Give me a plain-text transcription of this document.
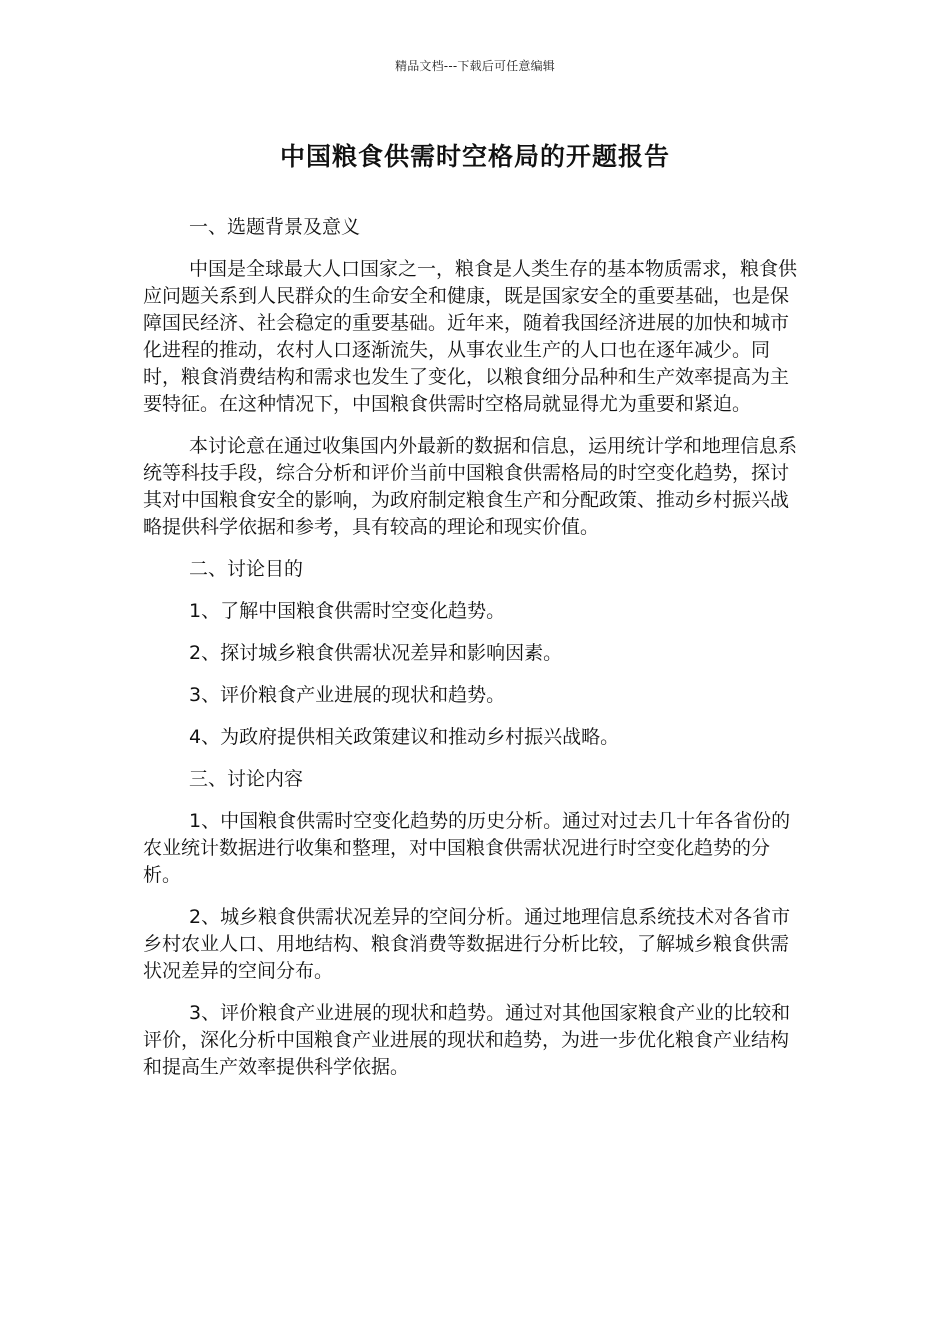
精品文档---下载后可任意编辑
中国粮食供需时空格局的开题报告

一、选题背景及意义

中国是全球最大人口国家之一，粮食是人类生存的基本物质需求，粮食供应问题关系到人民群众的生命安全和健康，既是国家安全的重要基础，也是保障国民经济、社会稳定的重要基础。近年来，随着我国经济进展的加快和城市化进程的推动，农村人口逐渐流失，从事农业生产的人口也在逐年减少。同时，粮食消费结构和需求也发生了变化，以粮食细分品种和生产效率提高为主要特征。在这种情况下，中国粮食供需时空格局就显得尤为重要和紧迫。

本讨论意在通过收集国内外最新的数据和信息，运用统计学和地理信息系统等科技手段，综合分析和评价当前中国粮食供需格局的时空变化趋势，探讨其对中国粮食安全的影响，为政府制定粮食生产和分配政策、推动乡村振兴战略提供科学依据和参考，具有较高的理论和现实价值。

二、讨论目的

1、了解中国粮食供需时空变化趋势。

2、探讨城乡粮食供需状况差异和影响因素。

3、评价粮食产业进展的现状和趋势。

4、为政府提供相关政策建议和推动乡村振兴战略。

三、讨论内容

1、中国粮食供需时空变化趋势的历史分析。通过对过去几十年各省份的农业统计数据进行收集和整理，对中国粮食供需状况进行时空变化趋势的分析。

2、城乡粮食供需状况差异的空间分析。通过地理信息系统技术对各省市乡村农业人口、用地结构、粮食消费等数据进行分析比较，了解城乡粮食供需状况差异的空间分布。

3、评价粮食产业进展的现状和趋势。通过对其他国家粮食产业的比较和评价，深化分析中国粮食产业进展的现状和趋势，为进一步优化粮食产业结构和提高生产效率提供科学依据。
